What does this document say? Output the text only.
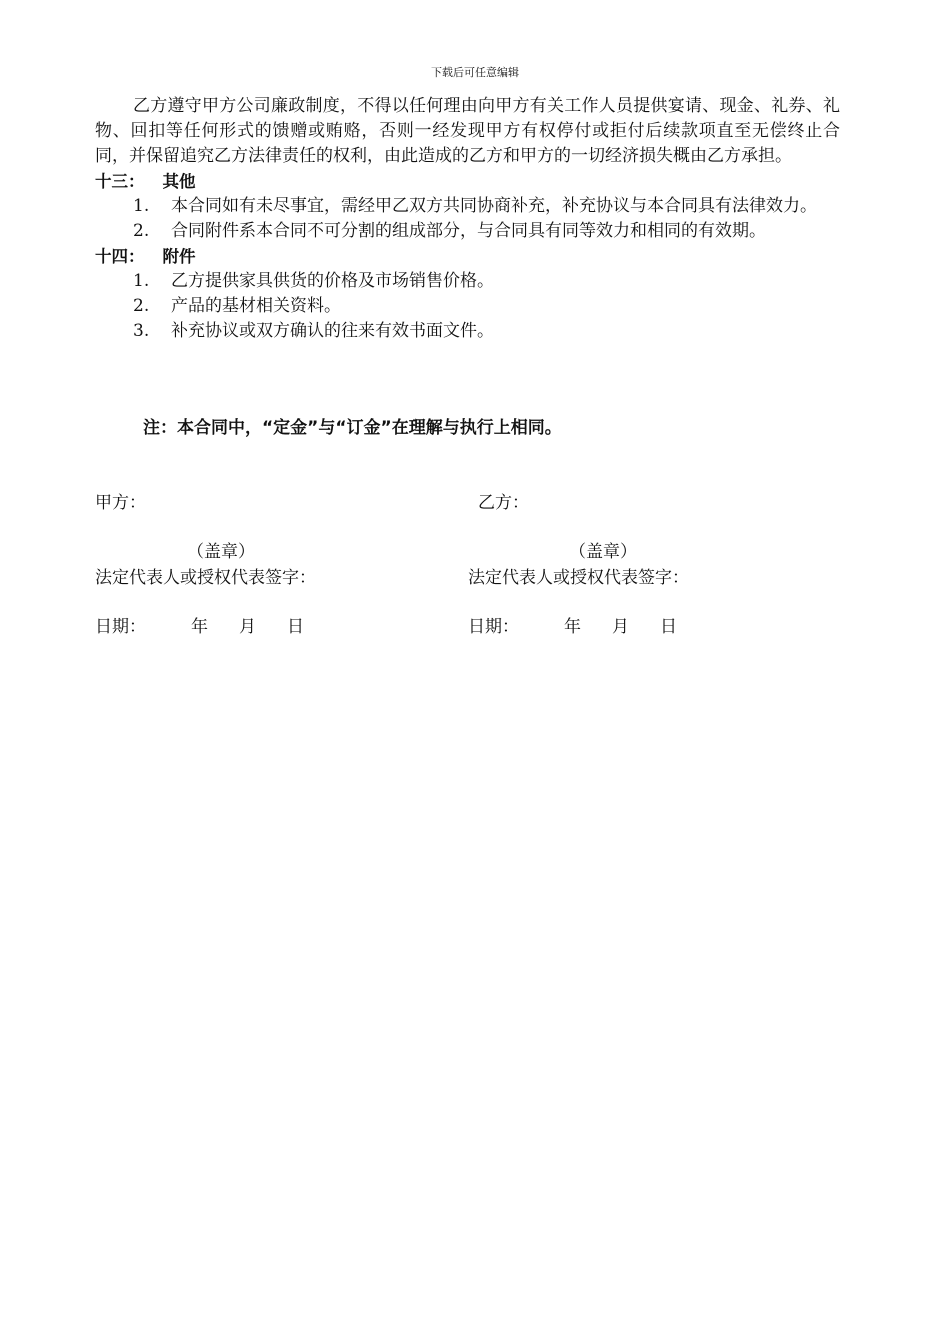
下载后可任意编辑

乙方遵守甲方公司廉政制度，不得以任何理由向甲方有关工作人员提供宴请、现金、礼券、礼物、回扣等任何形式的馈赠或贿赂，否则一经发现甲方有权停付或拒付后续款项直至无偿终止合同，并保留追究乙方法律责任的权利，由此造成的乙方和甲方的一切经济损失概由乙方承担。

十三： 其他

1. 本合同如有未尽事宜，需经甲乙双方共同协商补充，补充协议与本合同具有法律效力。

2. 合同附件系本合同不可分割的组成部分，与合同具有同等效力和相同的有效期。

十四： 附件

1. 乙方提供家具供货的价格及市场销售价格。

2. 产品的基材相关资料。

3. 补充协议或双方确认的往来有效书面文件。

注：本合同中，“定金”与“订金”在理解与执行上相同。
甲方：
（盖章）
法定代表人或授权代表签字：
日期：	年 月 日
乙方：
（盖章）
法定代表人或授权代表签字：
日期：	年 月 日
